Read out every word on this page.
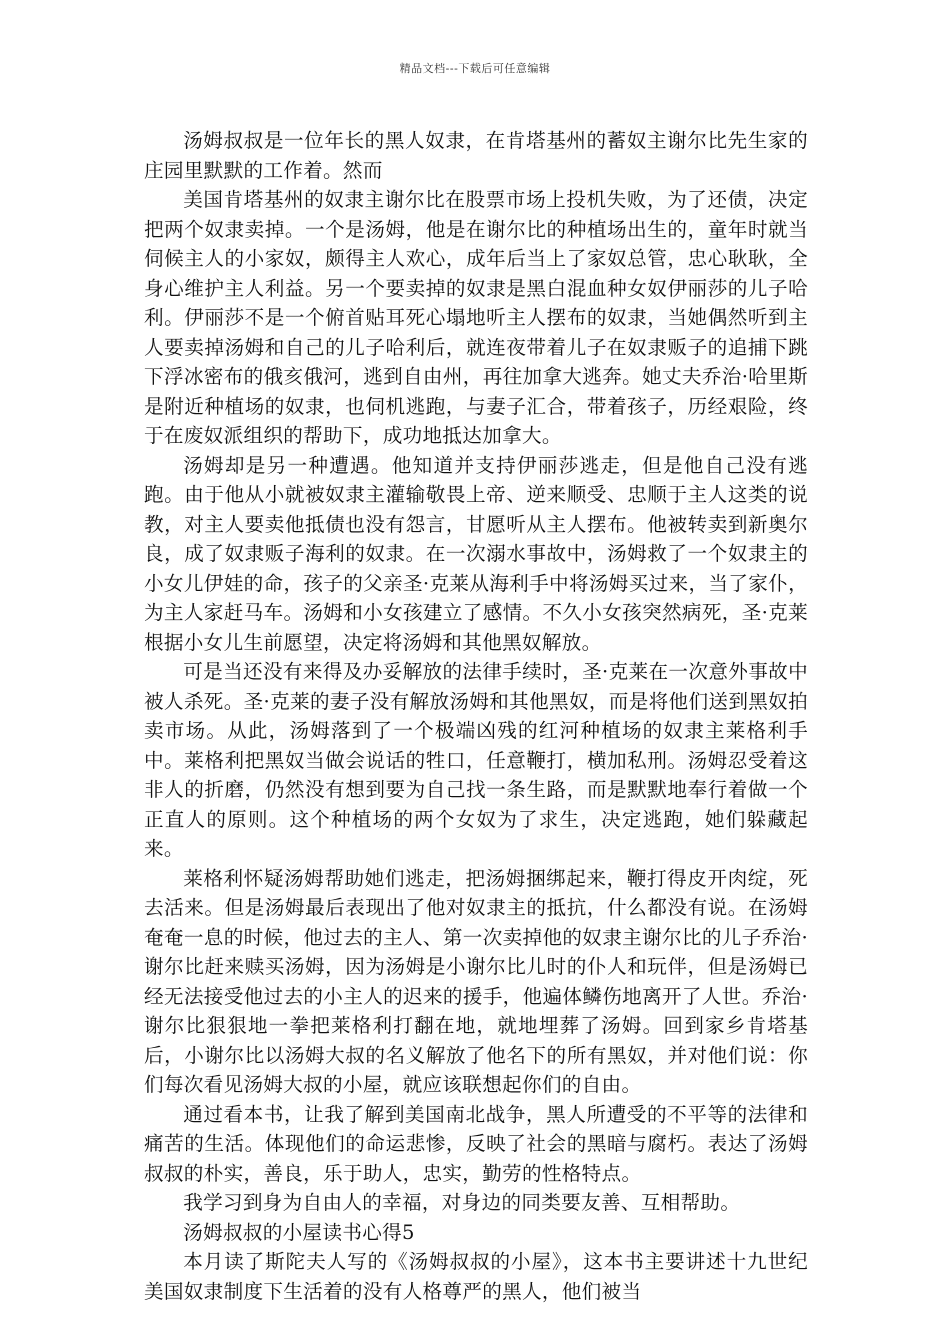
精品文档---下载后可任意编辑

汤姆叔叔是一位年长的黑人奴隶，在肯塔基州的蓄奴主谢尔比先生家的庄园里默默的工作着。然而

美国肯塔基州的奴隶主谢尔比在股票市场上投机失败，为了还债，决定把两个奴隶卖掉。一个是汤姆，他是在谢尔比的种植场出生的，童年时就当伺候主人的小家奴，颇得主人欢心，成年后当上了家奴总管，忠心耿耿，全身心维护主人利益。另一个要卖掉的奴隶是黑白混血种女奴伊丽莎的儿子哈利。伊丽莎不是一个俯首贴耳死心塌地听主人摆布的奴隶，当她偶然听到主人要卖掉汤姆和自己的儿子哈利后，就连夜带着儿子在奴隶贩子的追捕下跳下浮冰密布的俄亥俄河，逃到自由州，再往加拿大逃奔。她丈夫乔治·哈里斯是附近种植场的奴隶，也伺机逃跑，与妻子汇合，带着孩子，历经艰险，终于在废奴派组织的帮助下，成功地抵达加拿大。

汤姆却是另一种遭遇。他知道并支持伊丽莎逃走，但是他自己没有逃跑。由于他从小就被奴隶主灌输敬畏上帝、逆来顺受、忠顺于主人这类的说教，对主人要卖他抵债也没有怨言，甘愿听从主人摆布。他被转卖到新奥尔良，成了奴隶贩子海利的奴隶。在一次溺水事故中，汤姆救了一个奴隶主的小女儿伊娃的命，孩子的父亲圣·克莱从海利手中将汤姆买过来，当了家仆，为主人家赶马车。汤姆和小女孩建立了感情。不久小女孩突然病死，圣·克莱根据小女儿生前愿望，决定将汤姆和其他黑奴解放。

可是当还没有来得及办妥解放的法律手续时，圣·克莱在一次意外事故中被人杀死。圣·克莱的妻子没有解放汤姆和其他黑奴，而是将他们送到黑奴拍卖市场。从此，汤姆落到了一个极端凶残的红河种植场的奴隶主莱格利手中。莱格利把黑奴当做会说话的牲口，任意鞭打，横加私刑。汤姆忍受着这非人的折磨，仍然没有想到要为自己找一条生路，而是默默地奉行着做一个正直人的原则。这个种植场的两个女奴为了求生，决定逃跑，她们躲藏起来。

莱格利怀疑汤姆帮助她们逃走，把汤姆捆绑起来，鞭打得皮开肉绽，死去活来。但是汤姆最后表现出了他对奴隶主的抵抗，什么都没有说。在汤姆奄奄一息的时候，他过去的主人、第一次卖掉他的奴隶主谢尔比的儿子乔治·谢尔比赶来赎买汤姆，因为汤姆是小谢尔比儿时的仆人和玩伴，但是汤姆已经无法接受他过去的小主人的迟来的援手，他遍体鳞伤地离开了人世。乔治·谢尔比狠狠地一拳把莱格利打翻在地，就地埋葬了汤姆。回到家乡肯塔基后，小谢尔比以汤姆大叔的名义解放了他名下的所有黑奴，并对他们说：你们每次看见汤姆大叔的小屋，就应该联想起你们的自由。

通过看本书，让我了解到美国南北战争，黑人所遭受的不平等的法律和痛苦的生活。体现他们的命运悲惨，反映了社会的黑暗与腐朽。表达了汤姆叔叔的朴实，善良，乐于助人，忠实，勤劳的性格特点。

我学习到身为自由人的幸福，对身边的同类要友善、互相帮助。

汤姆叔叔的小屋读书心得5

本月读了斯陀夫人写的《汤姆叔叔的小屋》，这本书主要讲述十九世纪美国奴隶制度下生活着的没有人格尊严的黑人，他们被当
